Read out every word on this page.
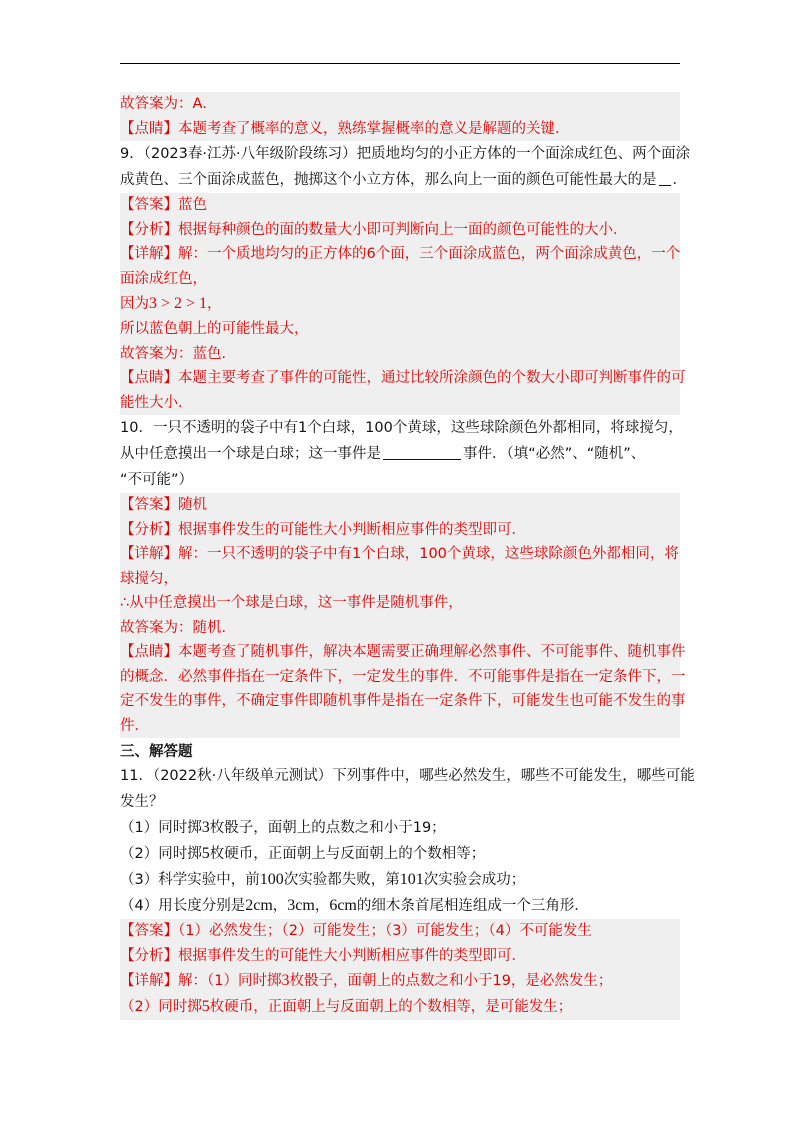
故答案为：A．
【点睛】本题考查了概率的意义，熟练掌握概率的意义是解题的关键．
9．（2023春·江苏·八年级阶段练习）把质地均匀的小正方体的一个面涂成红色、两个面涂
成黄色、三个面涂成蓝色，抛掷这个小立方体，那么向上一面的颜色可能性最大的是 ．
【答案】蓝色
【分析】根据每种颜色的面的数量大小即可判断向上一面的颜色可能性的大小．
【详解】解：一个质地均匀的正方体的6个面，三个面涂成蓝色，两个面涂成黄色，一个
面涂成红色，
因为3 > 2 > 1，
所以蓝色朝上的可能性最大，
故答案为：蓝色．
【点睛】本题主要考查了事件的可能性，通过比较所涂颜色的个数大小即可判断事件的可
能性大小．
10．一只不透明的袋子中有1个白球，100个黄球，这些球除颜色外都相同，将球搅匀，
从中任意摸出一个球是白球；这一事件是	事件．（填“必然”、“随机”、
“不可能”）
【答案】随机
【分析】根据事件发生的可能性大小判断相应事件的类型即可．
【详解】解：一只不透明的袋子中有1个白球，100个黄球，这些球除颜色外都相同，将
球搅匀，
∴从中任意摸出一个球是白球，这一事件是随机事件，
故答案为：随机．
【点睛】本题考查了随机事件，解决本题需要正确理解必然事件、不可能事件、随机事件
的概念．必然事件指在一定条件下，一定发生的事件．不可能事件是指在一定条件下，一
定不发生的事件，不确定事件即随机事件是指在一定条件下，可能发生也可能不发生的事
件．
三、解答题
11．（2022秋·八年级单元测试）下列事件中，哪些必然发生，哪些不可能发生，哪些可能
发生？
（1）同时掷3枚骰子，面朝上的点数之和小于19；
（2）同时掷5枚硬币，正面朝上与反面朝上的个数相等；
（3）科学实验中，前100次实验都失败，第101次实验会成功；
（4）用长度分别是2cm，3cm，6cm的细木条首尾相连组成一个三角形．
【答案】（1）必然发生；（2）可能发生；（3）可能发生；（4）不可能发生
【分析】根据事件发生的可能性大小判断相应事件的类型即可．
【详解】解：（1）同时掷3枚骰子，面朝上的点数之和小于19，是必然发生；
（2）同时掷5枚硬币，正面朝上与反面朝上的个数相等，是可能发生；
